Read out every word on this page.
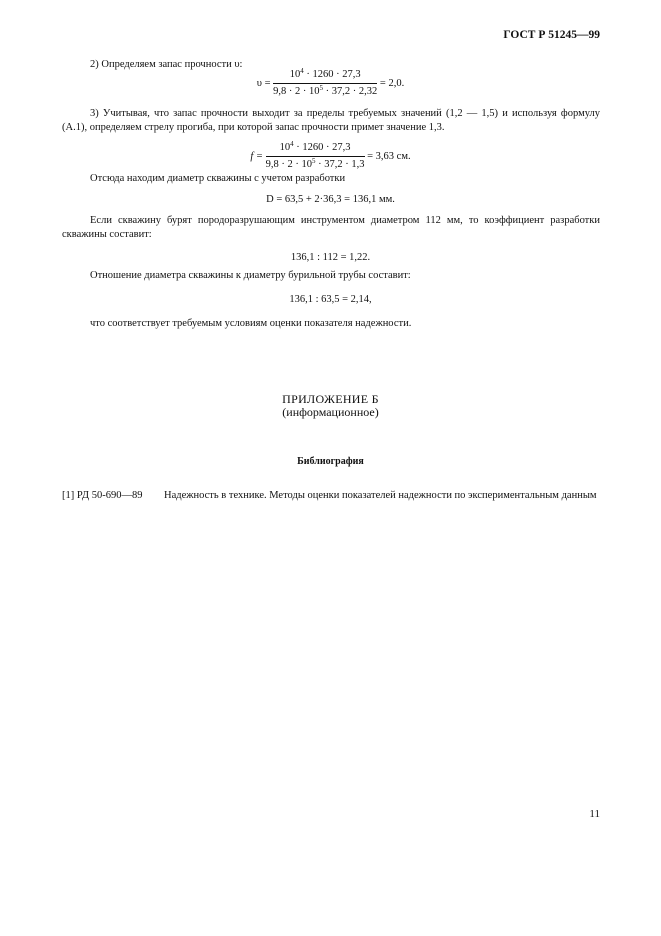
ГОСТ Р 51245—99
2) Определяем запас прочности υ:
$\upsilon = \frac{10^4 \cdot 1260 \cdot 27,3}{9,8 \cdot 2 \cdot 10^5 \cdot 37,2 \cdot 2,32} = 2,0$.
3) Учитывая, что запас прочности выходит за пределы требуемых значений (1,2 — 1,5) и используя формулу (А.1), определяем стрелу прогиба, при которой запас прочности примет значение 1,3.
$f = \frac{10^4 \cdot 1260 \cdot 27,3}{9,8 \cdot 2 \cdot 10^5 \cdot 37,2 \cdot 1,3} = 3,63$ см.
Отсюда находим диаметр скважины с учетом разработки
D = 63,5 + 2·36,3 = 136,1 мм.
Если скважину бурят породоразрушающим инструментом диаметром 112 мм, то коэффициент разработки скважины составит:
136,1 : 112 = 1,22.
Отношение диаметра скважины к диаметру бурильной трубы составит:
136,1 : 63,5 = 2,14,
что соответствует требуемым условиям оценки показателя надежности.
ПРИЛОЖЕНИЕ Б
(информационное)
Библиография
[1] РД 50-690—89 Надежность в технике. Методы оценки показателей надежности по экспериментальным данным
11
